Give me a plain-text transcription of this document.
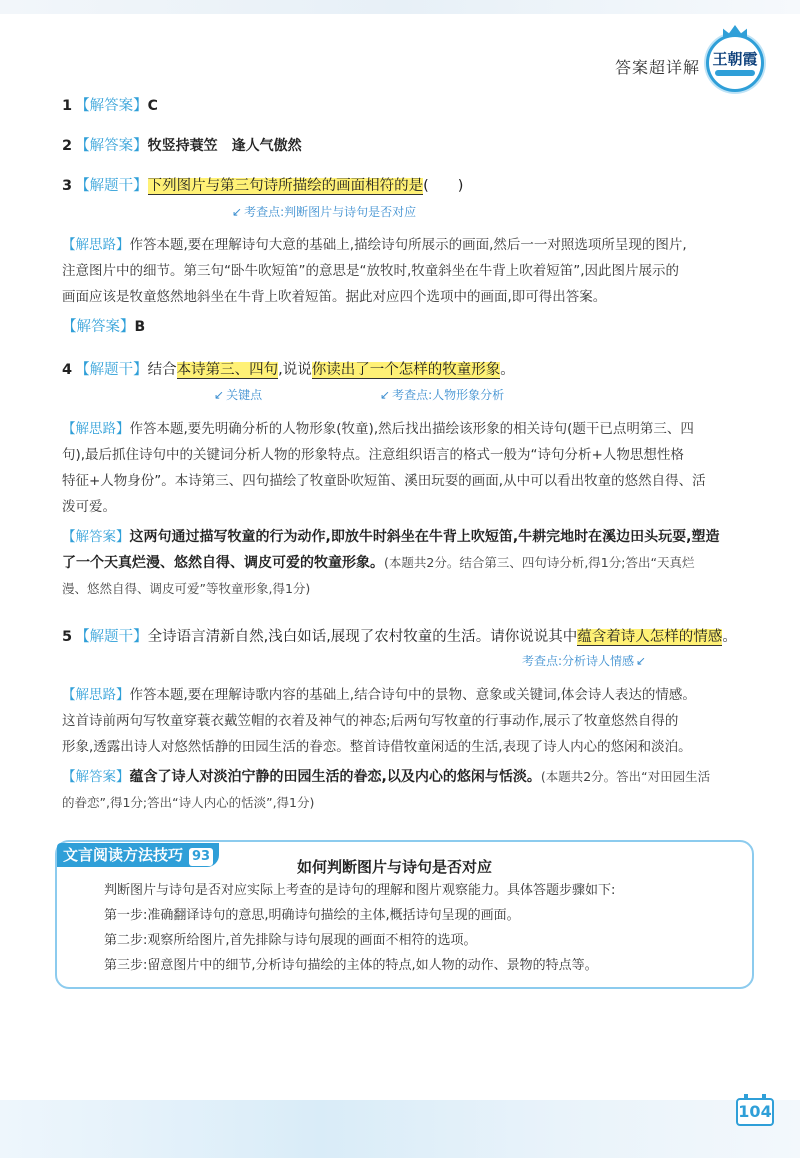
答案超详解 王朝霞
1 【解答案】C
2 【解答案】牧竖持蓑笠　逢人气傲然
3 【解题干】下列图片与第三句诗所描绘的画面相符的是(　　)
↙ 考查点:判断图片与诗句是否对应
【解思路】作答本题,要在理解诗句大意的基础上,描绘诗句所展示的画面,然后一一对照选项所呈现的图片,
注意图片中的细节。第三句“卧牛吹短笛”的意思是“放牧时,牧童斜坐在牛背上吹着短笛”,因此图片展示的
画面应该是牧童悠然地斜坐在牛背上吹着短笛。据此对应四个选项中的画面,即可得出答案。
【解答案】B
4 【解题干】结合本诗第三、四句,说说你读出了一个怎样的牧童形象。
↙ 关键点
↙	考查点:人物形象分析
【解思路】作答本题,要先明确分析的人物形象(牧童),然后找出描绘该形象的相关诗句(题干已点明第三、四
句),最后抓住诗句中的关键词分析人物的形象特点。注意组织语言的格式一般为“诗句分析+人物思想性格
特征+人物身份”。本诗第三、四句描绘了牧童卧吹短笛、溪田玩耍的画面,从中可以看出牧童的悠然自得、活
泼可爱。
【解答案】这两句通过描写牧童的行为动作,即放牛时斜坐在牛背上吹短笛,牛耕完地时在溪边田头玩耍,塑造
了一个天真烂漫、悠然自得、调皮可爱的牧童形象。(本题共2分。结合第三、四句诗分析,得1分;答出“天真烂
漫、悠然自得、调皮可爱”等牧童形象,得1分)
5 【解题干】全诗语言清新自然,浅白如话,展现了农村牧童的生活。请你说说其中蕴含着诗人怎样的情感。
考查点:分析诗人情感 ↙
【解思路】作答本题,要在理解诗歌内容的基础上,结合诗句中的景物、意象或关键词,体会诗人表达的情感。
这首诗前两句写牧童穿蓑衣戴笠帽的衣着及神气的神态;后两句写牧童的行事动作,展示了牧童悠然自得的
形象,透露出诗人对悠然恬静的田园生活的眷恋。整首诗借牧童闲适的生活,表现了诗人内心的悠闲和淡泊。
【解答案】蕴含了诗人对淡泊宁静的田园生活的眷恋,以及内心的悠闲与恬淡。(本题共2分。答出“对田园生活
的眷恋”,得1分;答出“诗人内心的恬淡”,得1分)
文言阅读方法技巧 93
如何判断图片与诗句是否对应
判断图片与诗句是否对应实际上考查的是诗句的理解和图片观察能力。具体答题步骤如下:
第一步:准确翻译诗句的意思,明确诗句描绘的主体,概括诗句呈现的画面。
第二步:观察所给图片,首先排除与诗句展现的画面不相符的选项。
第三步:留意图片中的细节,分析诗句描绘的主体的特点,如人物的动作、景物的特点等。
104
